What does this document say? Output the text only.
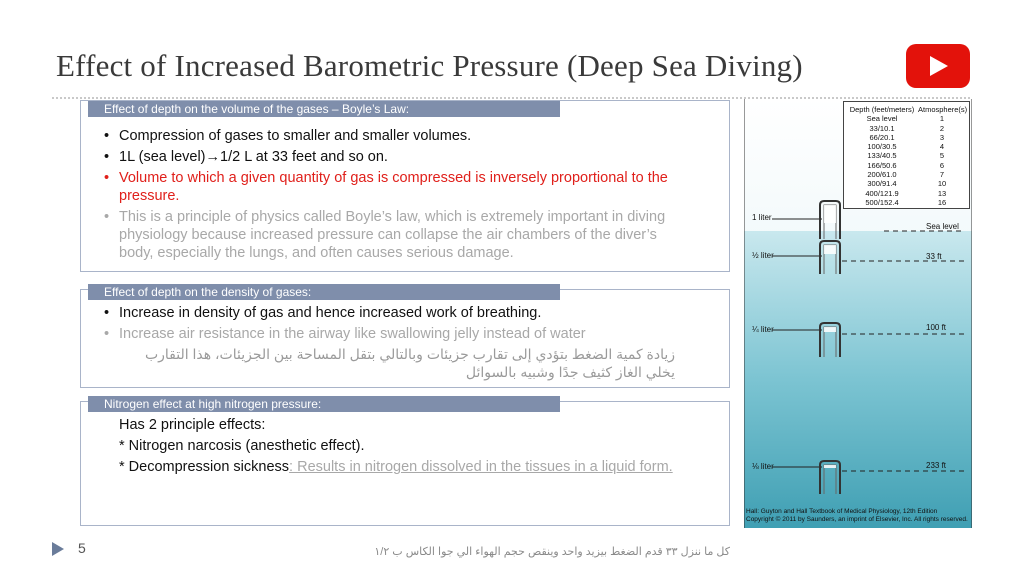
Effect of Increased Barometric Pressure (Deep Sea Diving)
Effect of depth on the volume of the gases – Boyle’s Law:
• Compression of gases to smaller and smaller volumes.
• 1L (sea level)→1/2 L at 33 feet and so on.
• Volume to which a given quantity of gas is compressed is inversely proportional to the pressure.
• This is a principle of physics called Boyle’s law, which is extremely important in diving physiology because increased pressure can collapse the air chambers of the diver’s body, especially the lungs, and often causes serious damage.
Effect of depth on the density of gases:
• Increase in density of gas and hence increased work of breathing.
• Increase air resistance in the airway like swallowing jelly instead of water
زيادة كمية الضغط بتؤدي إلى تقارب جزيئات وبالتالي بتقل المساحة بين الجزيئات، هذا التقارب يخلي الغاز كثيف جدًا وشبيه بالسوائل
Nitrogen effect at high nitrogen pressure:
Has 2 principle effects:
* Nitrogen narcosis (anesthetic effect).
* Decompression sickness: Results in nitrogen dissolved in the tissues in a liquid form.
Depth (feet/meters) Atmosphere(s)
Sea level	1
33/10.1	2
66/20.1	3
100/30.5	4
133/40.5	5
166/50.6	6
200/61.0	7
300/91.4	10
400/121.9	13
500/152.4	16
1 liter
½ liter
¼ liter
⅛ liter
Sea level
33 ft
100 ft
233 ft
Hall: Guyton and Hall Textbook of Medical Physiology, 12th Edition
Copyright © 2011 by Saunders, an imprint of Elsevier, Inc. All rights reserved.
5	كل ما ننزل ٣٣ قدم الضغط بيزيد واحد وينقص حجم الهواء الي جوا الكاس ب ١/٢
